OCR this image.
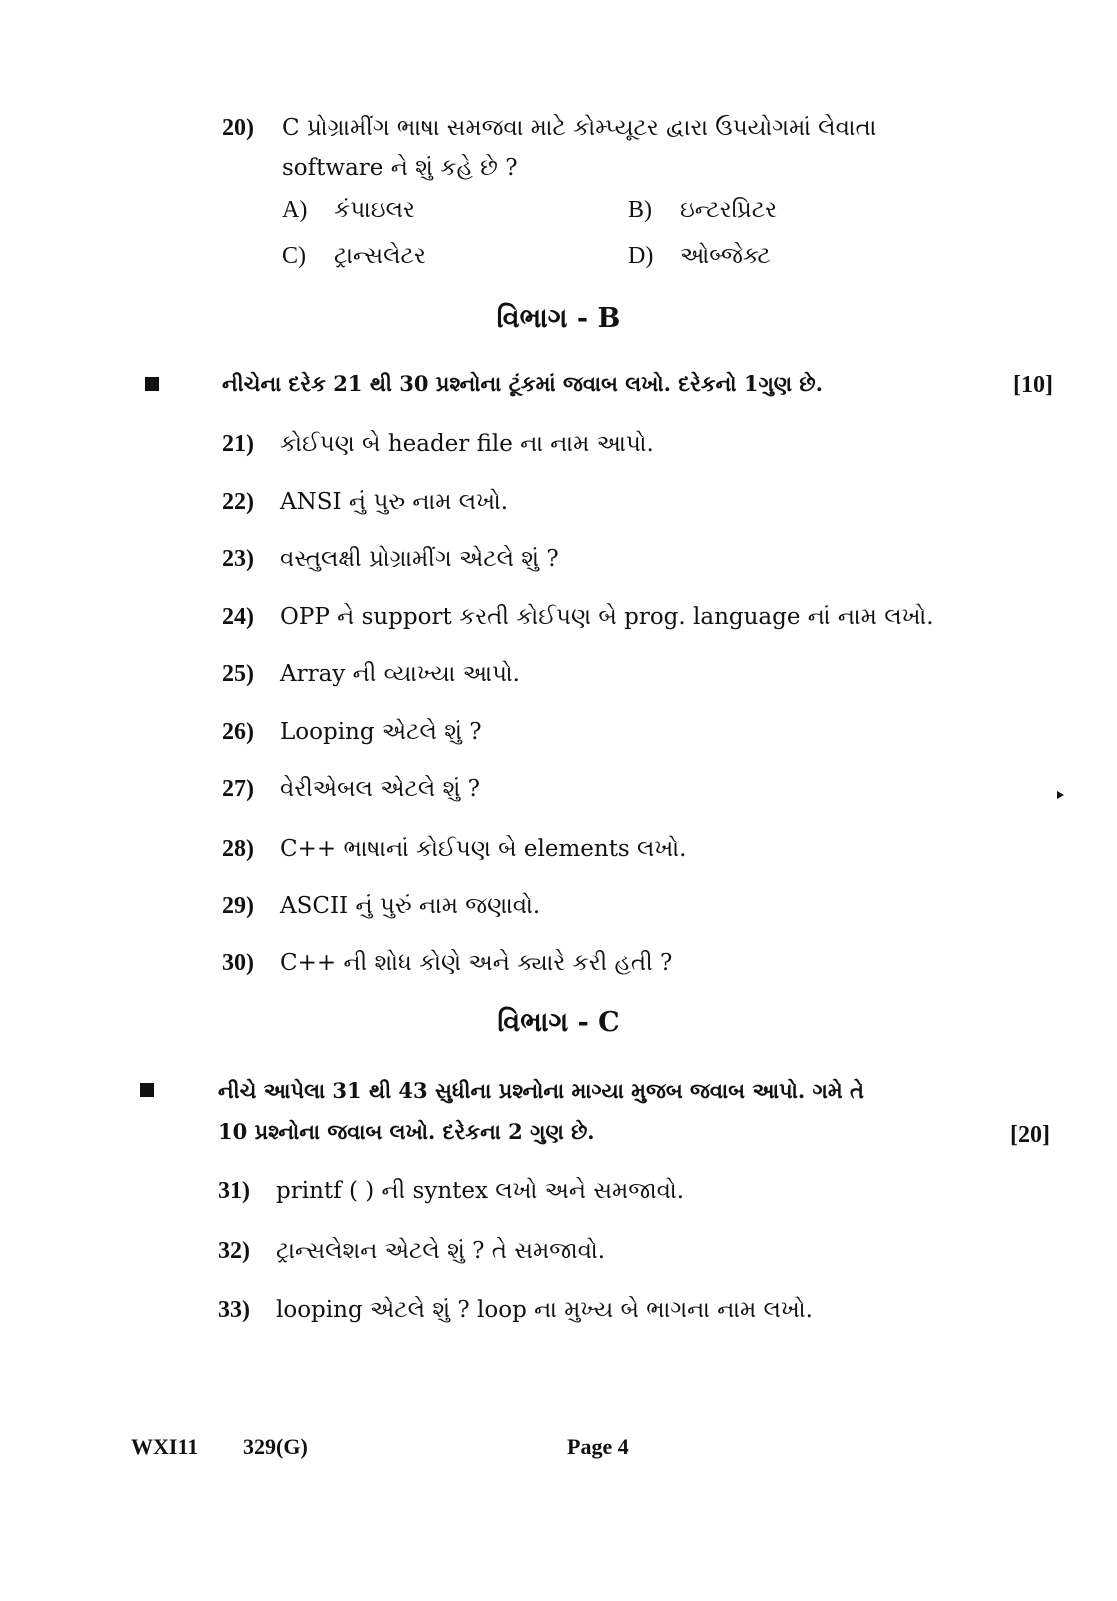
20) C પ્રોગ્રામીંગ ભાષા સમજવા માટે કોમ્પ્યૂટર દ્વારા ઉપયોગમાં લેવાતા
software ને શું કહે છે ?
A) કંપાઇલર	B) ઇન્ટરપ્રિટર
C) ટ્રાન્સલેટર	D) ઓબ્જેક્ટ
વિભાગ - B
નીચેના દરેક 21 થી 30 પ્રશ્નોના ટૂંકમાં જવાબ લખો. દરેકનો 1ગુણ છે.	[10]
21) કોઈપણ બે header file ના નામ આપો.
22) ANSI નું પુરુ નામ લખો.
23) વસ્તુલક્ષી પ્રોગ્રામીંગ એટલે શું ?
24) OPP ને support કરતી કોઈપણ બે prog. language નાં નામ લખો.
25) Array ની વ્યાખ્યા આપો.
26) Looping એટલે શું ?
27) વેરીએબલ એટલે શું ?
28) C++ ભાષાનાં કોઈપણ બે elements લખો.
29) ASCII નું પુરું નામ જણાવો.
30) C++ ની શોધ કોણે અને ક્યારે કરી હતી ?
વિભાગ - C
નીચે આપેલા 31 થી 43 સુધીના પ્રશ્નોના માગ્યા મુજબ જવાબ આપો. ગમે તે
10 પ્રશ્નોના જવાબ લખો. દરેકના 2 ગુણ છે.	[20]
31) printf ( ) ની syntex લખો અને સમજાવો.
32) ટ્રાન્સલેશન એટલે શું ? તે સમજાવો.
33) looping એટલે શું ? loop ના મુખ્ય બે ભાગના નામ લખો.
WXI11 329(G)	Page 4
